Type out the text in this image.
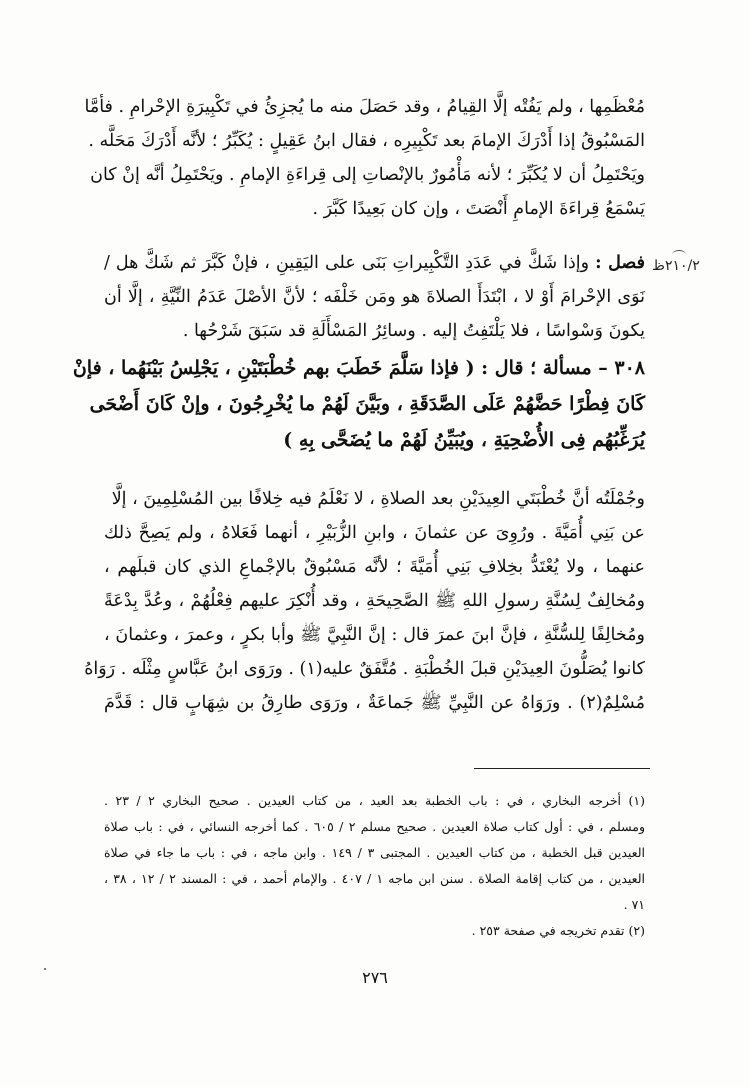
مُعْظَمِها ، ولم يَفُتْه إلَّا القِيامُ ، وقد حَصَلَ منه ما يُجزِئُ في تَكْبِيرَةِ الإحْرامِ . فأمَّا
المَسْبُوقُ إذا أَدْرَكَ الإمامَ بعد تَكْبِيرِه ، فقال ابنُ عَقِيلٍ : يُكَبِّرُ ؛ لأنَّه أَدْرَكَ مَحَلَّه .
ويَحْتَمِلُ أن لا يُكَبِّرَ ؛ لأنه مَأْمُورٌ بالإنْصاتِ إلى قِراءَةِ الإمامِ . ويَحْتَمِلُ أنَّه إنْ كان
يَسْمَعُ قِراءَةَ الإمامِ أَنْصَتَ ، وإن كان بَعِيدًا كَبَّرَ .
٢١٠/٢ظ
فصل : وإذا شَكَّ في عَدَدِ التَّكْبِيراتِ بَنَى على اليَقِينِ ، فإنْ كَبَّرَ ثم شَكَّ هل /
نَوَى الإحْرامَ أَوْ لا ، ابْتَدَأَ الصلاةَ هو ومَن خَلْفَه ؛ لأنَّ الأصْلَ عَدَمُ النِّيَّةِ ، إلَّا أن
يكونَ وَسْواسًا ، فلا يَلْتَفِتُ إليه . وسائِرُ المَسْأَلَةِ قد سَبَقَ شَرْحُها .
٣٠٨ – مسألة ؛ قال : ( فإذا سَلَّمَ خَطَبَ بهم خُطْبَتَيْنِ ، يَجْلِسُ بَيْنَهُما ، فإنْ
كَانَ فِطْرًا حَضَّهُمْ عَلَى الصَّدَقَةِ ، وبَيَّنَ لَهُمْ ما يُخْرِجُونَ ، وإنْ كَانَ أَضْحَى
يُرَغِّبُهُم فِى الأُضْحِيَةِ ، ويُبَيِّنُ لَهُمْ ما يُضَحَّى بِهِ )
وجُمْلَتُه أنَّ خُطْبَتَي العِيدَيْنِ بعد الصلاةِ ، لا نَعْلَمُ فيه خِلافًا بين المُسْلِمِينَ ، إلَّا
عن بَنِي أُمَيَّةَ . ورُوِىَ عن عثمانَ ، وابنِ الزُّبَيْرِ ، أنهما فَعَلاهُ ، ولم يَصِحَّ ذلك
عنهما ، ولا يُعْتَدُّ بخِلافِ بَنِي أُمَيَّةَ ؛ لأنَّه مَسْبُوقٌ بالإجْماعِ الذي كان قبلَهم ،
ومُخالِفٌ لِسُنَّةِ رسولِ اللهِ ﷺ الصَّحِيحَةِ ، وقد أُنْكِرَ عليهم فِعْلُهُمْ ، وعُدَّ بِدْعَةً
ومُخالِفًا لِلسُّنَّةِ ، فإنَّ ابنَ عمرَ قال : إنَّ النَّبِيَّ ﷺ وأبا بكرٍ ، وعمرَ ، وعثمانَ ،
كانوا يُصَلُّونَ العِيدَيْنِ قبلَ الخُطْبَةِ . مُتَّفَقٌ عليه(١) . ورَوَى ابنُ عَبَّاسٍ مِثْلَه . رَوَاهُ
مُسْلِمٌ(٢) . ورَوَاهُ عن النَّبِيِّ ﷺ جَماعَةٌ ، ورَوَى طارِقُ بن شِهَابٍ قال : قَدَّمَ
(١) أخرجه البخاري ، في : باب الخطبة بعد العيد ، من كتاب العيدين . صحيح البخاري ٢ / ٢٣ .
ومسلم ، في : أول كتاب صلاة العيدين . صحيح مسلم ٢ / ٦٠٥ . كما أخرجه النسائي ، في : باب صلاة
العيدين قبل الخطبة ، من كتاب العيدين . المجتبى ٣ / ١٤٩ . وابن ماجه ، في : باب ما جاء في صلاة
العيدين ، من كتاب إقامة الصلاة . سنن ابن ماجه ١ / ٤٠٧ . والإمام أحمد ، في : المسند ٢ / ١٢ ، ٣٨ ،
٧١ .
(٢) تقدم تخريجه في صفحة ٢٥٣ .
٢٧٦
